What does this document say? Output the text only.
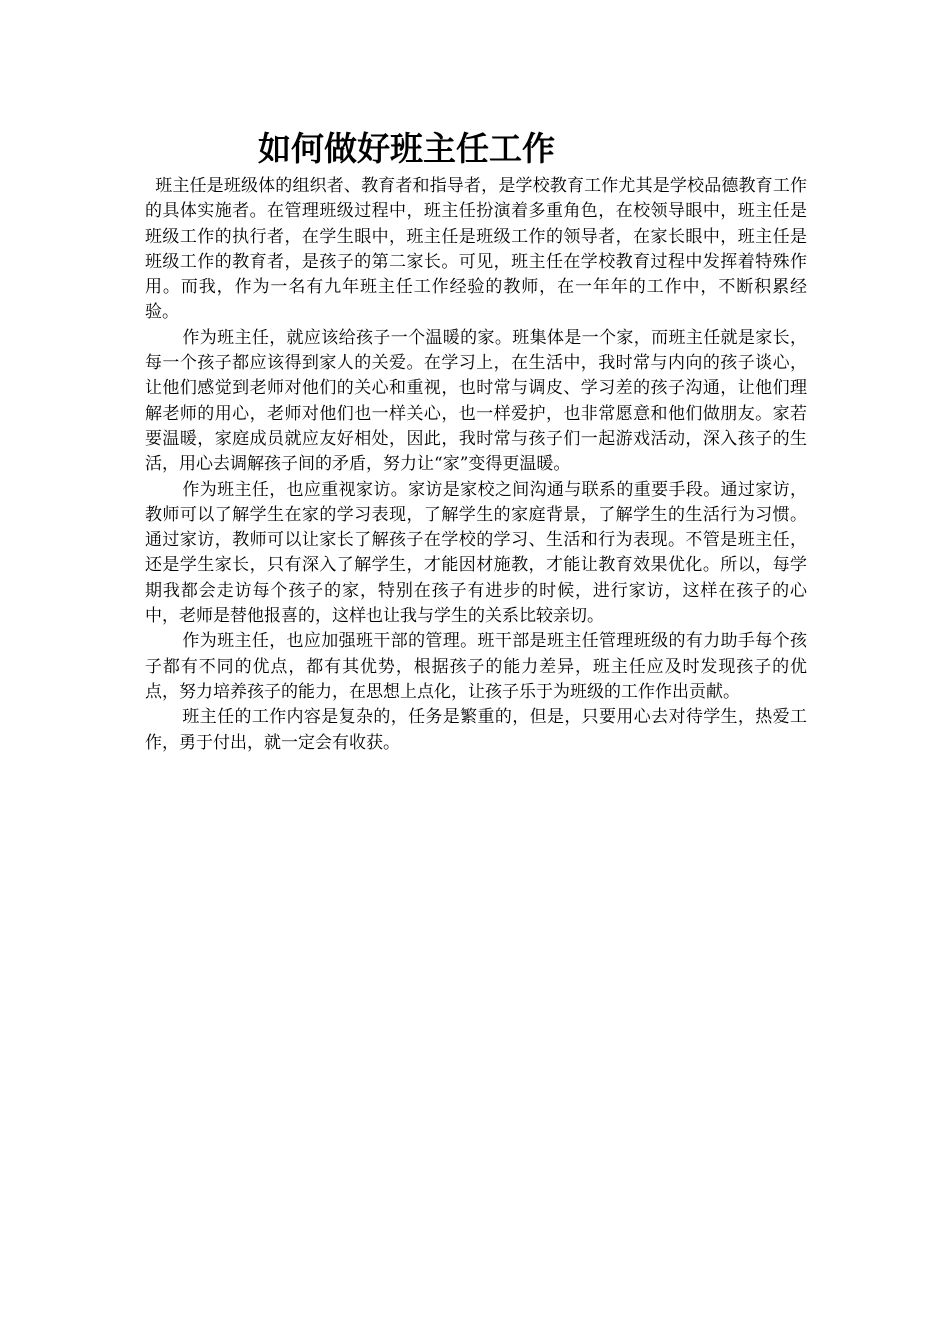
如何做好班主任工作

班主任是班级体的组织者、教育者和指导者，是学校教育工作尤其是学校品德教育工作的具体实施者。在管理班级过程中，班主任扮演着多重角色，在校领导眼中，班主任是班级工作的执行者，在学生眼中，班主任是班级工作的领导者，在家长眼中，班主任是班级工作的教育者，是孩子的第二家长。可见，班主任在学校教育过程中发挥着特殊作用。而我，作为一名有九年班主任工作经验的教师，在一年年的工作中，不断积累经验。

作为班主任，就应该给孩子一个温暖的家。班集体是一个家，而班主任就是家长，每一个孩子都应该得到家人的关爱。在学习上，在生活中，我时常与内向的孩子谈心，让他们感觉到老师对他们的关心和重视，也时常与调皮、学习差的孩子沟通，让他们理解老师的用心，老师对他们也一样关心，也一样爱护，也非常愿意和他们做朋友。家若要温暖，家庭成员就应友好相处，因此，我时常与孩子们一起游戏活动，深入孩子的生活，用心去调解孩子间的矛盾，努力让“家”变得更温暖。

作为班主任，也应重视家访。家访是家校之间沟通与联系的重要手段。通过家访，教师可以了解学生在家的学习表现，了解学生的家庭背景，了解学生的生活行为习惯。通过家访，教师可以让家长了解孩子在学校的学习、生活和行为表现。不管是班主任，还是学生家长，只有深入了解学生，才能因材施教，才能让教育效果优化。所以，每学期我都会走访每个孩子的家，特别在孩子有进步的时候，进行家访，这样在孩子的心中，老师是替他报喜的，这样也让我与学生的关系比较亲切。

作为班主任，也应加强班干部的管理。班干部是班主任管理班级的有力助手每个孩子都有不同的优点，都有其优势，根据孩子的能力差异，班主任应及时发现孩子的优点，努力培养孩子的能力，在思想上点化，让孩子乐于为班级的工作作出贡献。

班主任的工作内容是复杂的，任务是繁重的，但是，只要用心去对待学生，热爱工作，勇于付出，就一定会有收获。
